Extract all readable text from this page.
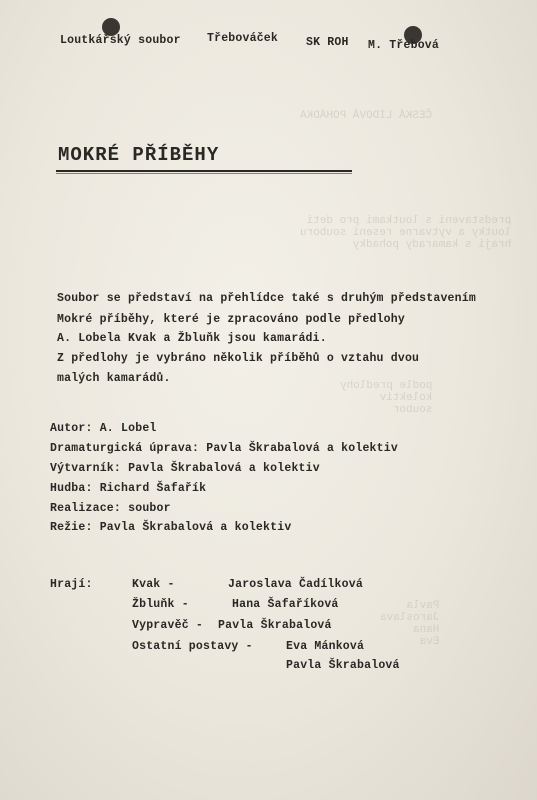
ČESKÁ LIDOVÁ POHÁDKA
predstaveni s loutkami pro deti
loutky a vytvarne reseni souboru
hraji s kamarady pohadky

podle predlohy
kolektiv
soubor

Pavla
Jaroslava
Hana
Eva

Loutkářský soubor Třebováček SK ROH M. Třebová
MOKRÉ PŘÍBĚHY
Soubor se představí na přehlídce také s druhým představením
Mokré příběhy, které je zpracováno podle předlohy
A. Lobela Kvak a Žbluňk jsou kamarádi.
Z předlohy je vybráno několik příběhů o vztahu dvou
malých kamarádů.
Autor: A. Lobel
Dramaturgická úprava: Pavla Škrabalová a kolektiv
Výtvarník: Pavla Škrabalová a kolektiv
Hudba: Richard Šafařík
Realizace: soubor
Režie: Pavla Škrabalová a kolektiv
Hrají:	Kvak -	Jaroslava Čadílková
Žbluňk -	Hana Šafaříková
Vypravěč - Pavla Škrabalová
Ostatní postavy -	Eva Mánková
Pavla Škrabalová
